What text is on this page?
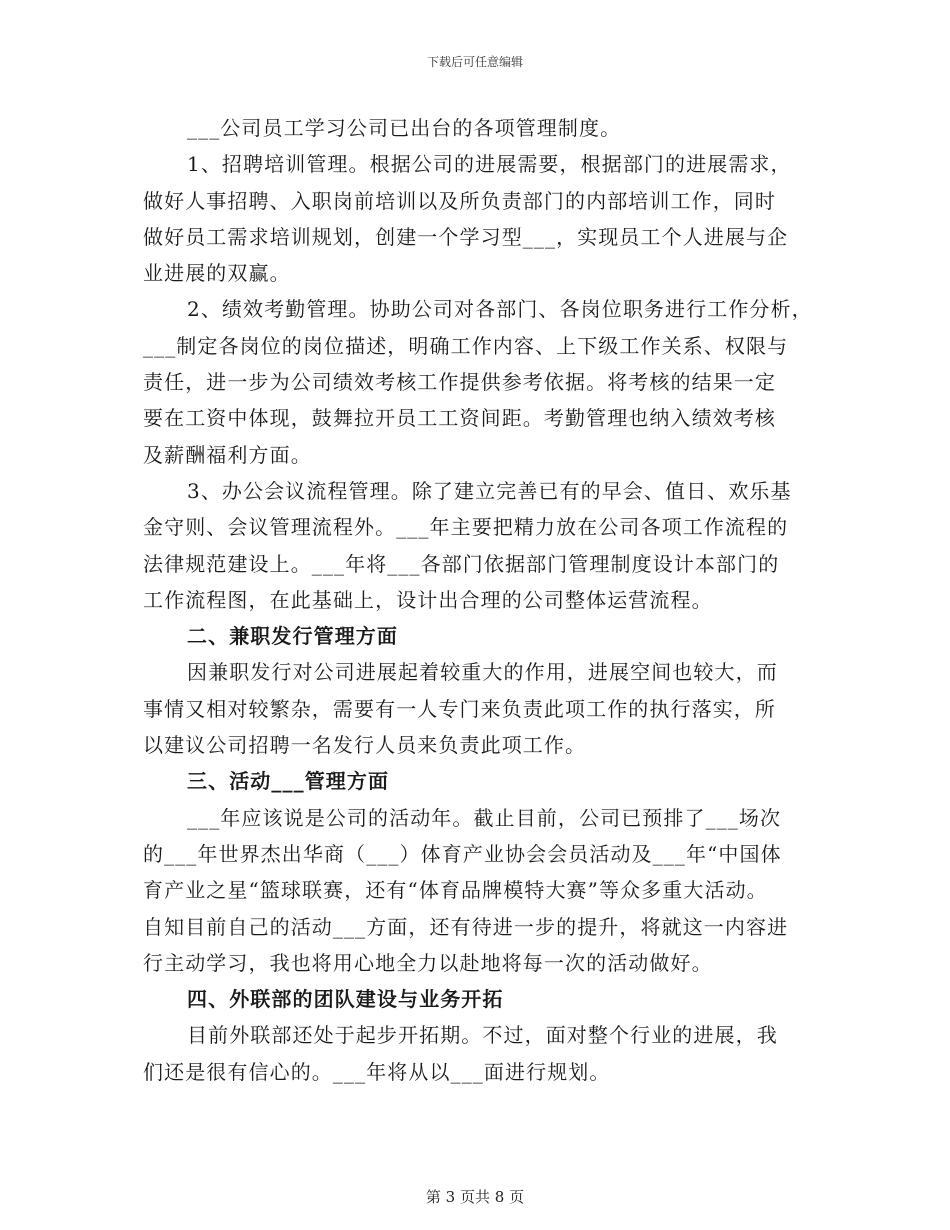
下载后可任意编辑
___公司员工学习公司已出台的各项管理制度。
1、招聘培训管理。根据公司的进展需要，根据部门的进展需求，
做好人事招聘、入职岗前培训以及所负责部门的内部培训工作，同时
做好员工需求培训规划，创建一个学习型___，实现员工个人进展与企
业进展的双赢。
2、绩效考勤管理。协助公司对各部门、各岗位职务进行工作分析，
___制定各岗位的岗位描述，明确工作内容、上下级工作关系、权限与
责任，进一步为公司绩效考核工作提供参考依据。将考核的结果一定
要在工资中体现，鼓舞拉开员工工资间距。考勤管理也纳入绩效考核
及薪酬福利方面。
3、办公会议流程管理。除了建立完善已有的早会、值日、欢乐基
金守则、会议管理流程外。___年主要把精力放在公司各项工作流程的
法律规范建设上。___年将___各部门依据部门管理制度设计本部门的
工作流程图，在此基础上，设计出合理的公司整体运营流程。
二、兼职发行管理方面
因兼职发行对公司进展起着较重大的作用，进展空间也较大，而
事情又相对较繁杂，需要有一人专门来负责此项工作的执行落实，所
以建议公司招聘一名发行人员来负责此项工作。
三、活动___管理方面
___年应该说是公司的活动年。截止目前，公司已预排了___场次
的___年世界杰出华商（___）体育产业协会会员活动及___年“中国体
育产业之星“篮球联赛，还有“体育品牌模特大赛”等众多重大活动。
自知目前自己的活动___方面，还有待进一步的提升，将就这一内容进
行主动学习，我也将用心地全力以赴地将每一次的活动做好。
四、外联部的团队建设与业务开拓
目前外联部还处于起步开拓期。不过，面对整个行业的进展，我
们还是很有信心的。___年将从以___面进行规划。
第 3 页共 8 页
